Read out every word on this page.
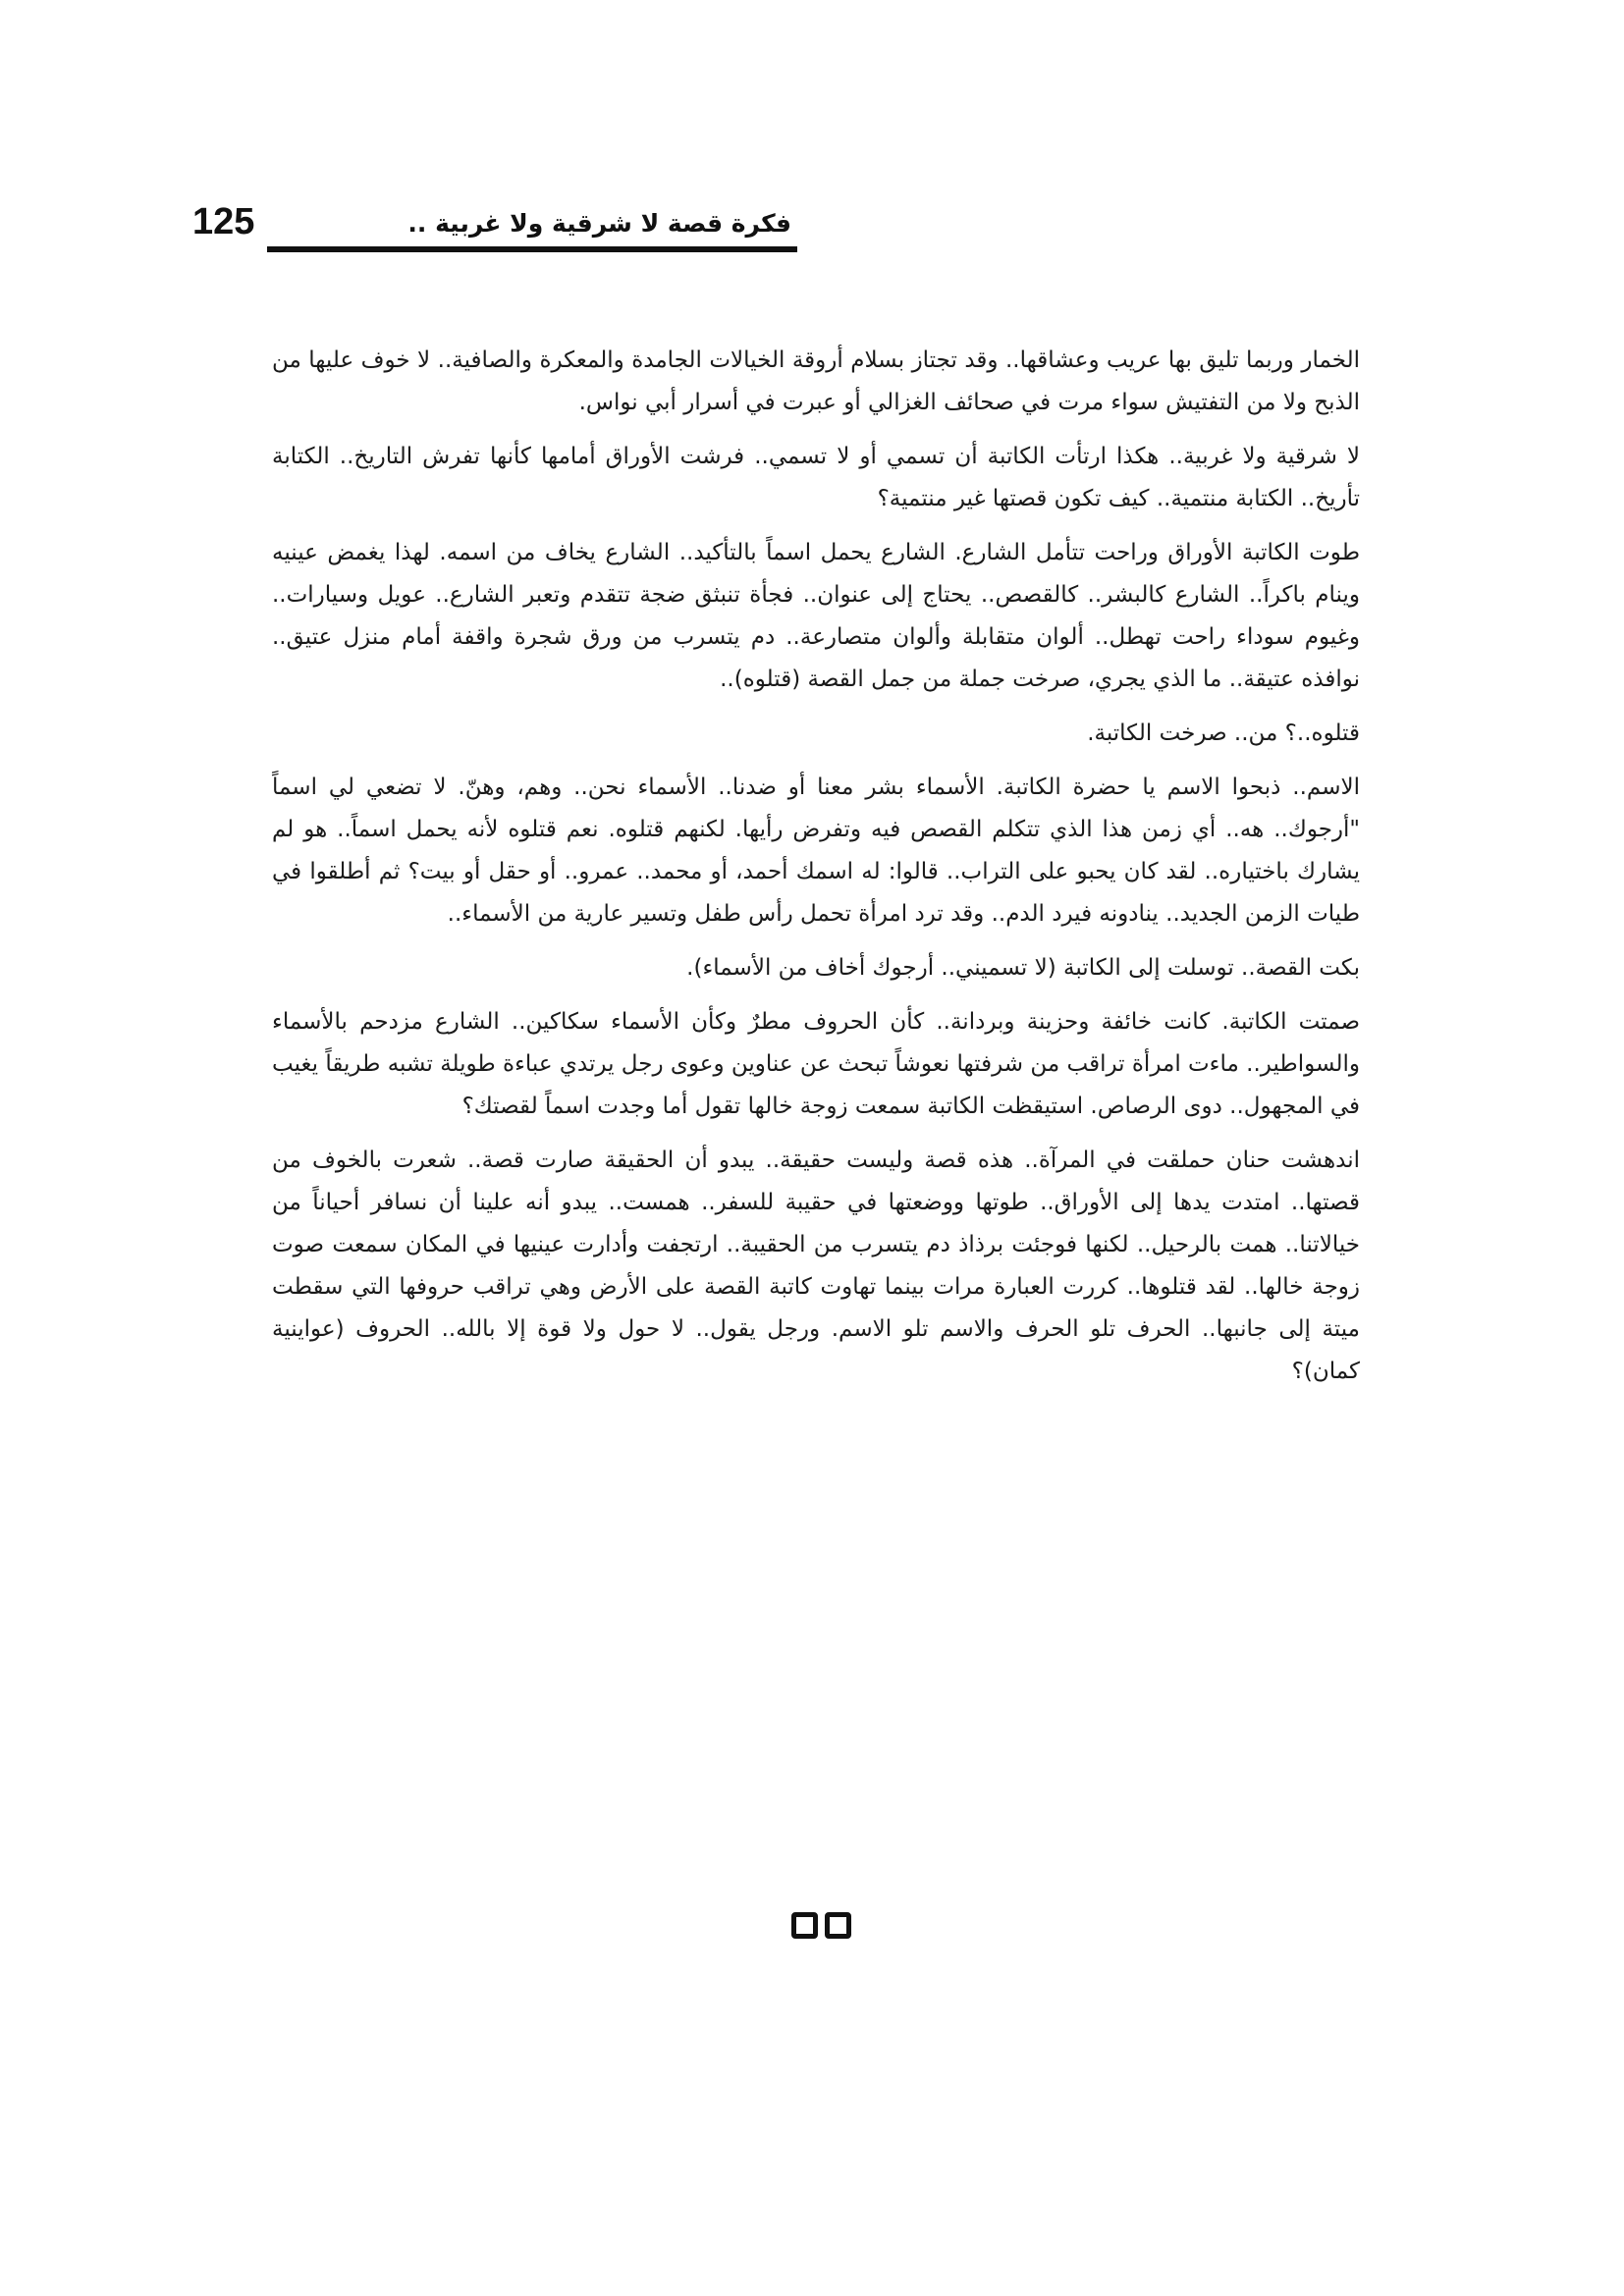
125	فكرة قصة لا شرقية ولا غربية ..

الخمار وربما تليق بها عريب وعشاقها.. وقد تجتاز بسلام أروقة الخيالات الجامدة والمعكرة والصافية.. لا خوف عليها من الذبح ولا من التفتيش سواء مرت في صحائف الغزالي أو عبرت في أسرار أبي نواس.

لا شرقية ولا غربية.. هكذا ارتأت الكاتبة أن تسمي أو لا تسمي.. فرشت الأوراق أمامها كأنها تفرش التاريخ.. الكتابة تأريخ.. الكتابة منتمية.. كيف تكون قصتها غير منتمية؟

طوت الكاتبة الأوراق وراحت تتأمل الشارع. الشارع يحمل اسماً بالتأكيد.. الشارع يخاف من اسمه. لهذا يغمض عينيه وينام باكراً.. الشارع كالبشر.. كالقصص.. يحتاج إلى عنوان.. فجأة تنبثق ضجة تتقدم وتعبر الشارع.. عويل وسيارات.. وغيوم سوداء راحت تهطل.. ألوان متقابلة وألوان متصارعة.. دم يتسرب من ورق شجرة واقفة أمام منزل عتيق.. نوافذه عتيقة.. ما الذي يجري، صرخت جملة من جمل القصة (قتلوه)..

قتلوه..؟ من.. صرخت الكاتبة.

الاسم.. ذبحوا الاسم يا حضرة الكاتبة. الأسماء بشر معنا أو ضدنا.. الأسماء نحن.. وهم، وهنّ. لا تضعي لي اسماً "أرجوك.. هه.. أي زمن هذا الذي تتكلم القصص فيه وتفرض رأيها. لكنهم قتلوه. نعم قتلوه لأنه يحمل اسماً.. هو لم يشارك باختياره.. لقد كان يحبو على التراب.. قالوا: له اسمك أحمد، أو محمد.. عمرو.. أو حقل أو بيت؟ ثم أطلقوا في طيات الزمن الجديد.. ينادونه فيرد الدم.. وقد ترد امرأة تحمل رأس طفل وتسير عارية من الأسماء..

بكت القصة.. توسلت إلى الكاتبة (لا تسميني.. أرجوك أخاف من الأسماء).

صمتت الكاتبة. كانت خائفة وحزينة وبردانة.. كأن الحروف مطرٌ وكأن الأسماء سكاكين.. الشارع مزدحم بالأسماء والسواطير.. ماءت امرأة تراقب من شرفتها نعوشاً تبحث عن عناوين وعوى رجل يرتدي عباءة طويلة تشبه طريقاً يغيب في المجهول.. دوى الرصاص. استيقظت الكاتبة سمعت زوجة خالها تقول أما وجدت اسماً لقصتك؟

اندهشت حنان حملقت في المرآة.. هذه قصة وليست حقيقة.. يبدو أن الحقيقة صارت قصة.. شعرت بالخوف من قصتها.. امتدت يدها إلى الأوراق.. طوتها ووضعتها في حقيبة للسفر.. همست.. يبدو أنه علينا أن نسافر أحياناً من خيالاتنا.. همت بالرحيل.. لكنها فوجئت برذاذ دم يتسرب من الحقيبة.. ارتجفت وأدارت عينيها في المكان سمعت صوت زوجة خالها.. لقد قتلوها.. كررت العبارة مرات بينما تهاوت كاتبة القصة على الأرض وهي تراقب حروفها التي سقطت ميتة إلى جانبها.. الحرف تلو الحرف والاسم تلو الاسم. ورجل يقول.. لا حول ولا قوة إلا بالله.. الحروف (عواينية كمان)؟
